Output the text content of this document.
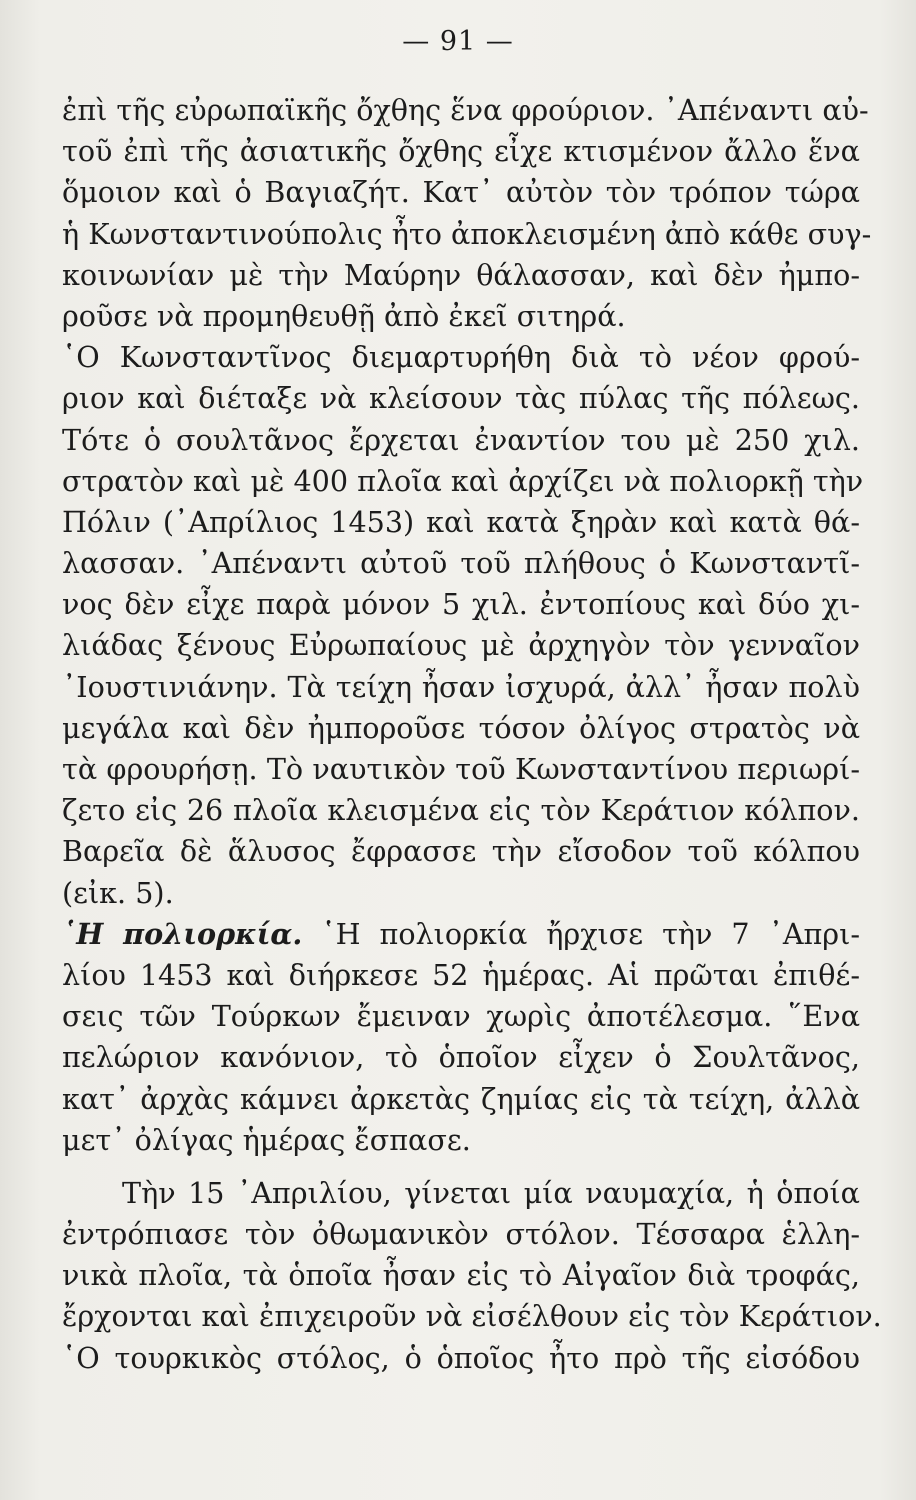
— 91 —
ἐπὶ τῆς εὐρωπαϊκῆς ὄχθης ἕνα φρούριον. ᾿Απέναντι αὐ-
τοῦ ἐπὶ τῆς ἀσιατικῆς ὄχθης εἶχε κτισμένον ἄλλο ἕνα
ὅμοιον καὶ ὁ Βαγιαζήτ. Κατ᾿ αὐτὸν τὸν τρόπον τώρα
ἡ Κωνσταντινούπολις ἦτο ἀποκλεισμένη ἀπὸ κάθε συγ-
κοινωνίαν μὲ τὴν Μαύρην θάλασσαν, καὶ δὲν ἠμπο-
ροῦσε νὰ προμηθευθῇ ἀπὸ ἐκεῖ σιτηρά.
῾Ο Κωνσταντῖνος διεμαρτυρήθη διὰ τὸ νέον φρού-
ριον καὶ διέταξε νὰ κλείσουν τὰς πύλας τῆς πόλεως.
Τότε ὁ σουλτᾶνος ἔρχεται ἐναντίον του μὲ 250 χιλ.
στρατὸν καὶ μὲ 400 πλοῖα καὶ ἀρχίζει νὰ πολιορκῇ τὴν
Πόλιν (᾿Απρίλιος 1453) καὶ κατὰ ξηρὰν καὶ κατὰ θά-
λασσαν. ᾿Απέναντι αὐτοῦ τοῦ πλήθους ὁ Κωνσταντῖ-
νος δὲν εἶχε παρὰ μόνον 5 χιλ. ἐντοπίους καὶ δύο χι-
λιάδας ξένους Εὐρωπαίους μὲ ἀρχηγὸν τὸν γενναῖον
᾿Ιουστινιάνην. Τὰ τείχη ἦσαν ἰσχυρά, ἀλλ᾿ ἦσαν πολὺ
μεγάλα καὶ δὲν ἠμποροῦσε τόσον ὀλίγος στρατὸς νὰ
τὰ φρουρήσῃ. Τὸ ναυτικὸν τοῦ Κωνσταντίνου περιωρί-
ζετο εἰς 26 πλοῖα κλεισμένα εἰς τὸν Κεράτιον κόλπον.
Βαρεῖα δὲ ἅλυσος ἔφρασσε τὴν εἴσοδον τοῦ κόλπου
(εἰκ. 5).
῾Η πολιορκία. ῾Η πολιορκία ἤρχισε τὴν 7 ᾿Απρι-
λίου 1453 καὶ διήρκεσε 52 ἡμέρας. Αἱ πρῶται ἐπιθέ-
σεις τῶν Τούρκων ἔμειναν χωρὶς ἀποτέλεσμα. ῞Ενα
πελώριον κανόνιον, τὸ ὁποῖον εἶχεν ὁ Σουλτᾶνος,
κατ᾿ ἀρχὰς κάμνει ἀρκετὰς ζημίας εἰς τὰ τείχη, ἀλλὰ
μετ᾿ ὀλίγας ἡμέρας ἔσπασε.
Τὴν 15 ᾿Απριλίου, γίνεται μία ναυμαχία, ἡ ὁποία
ἐντρόπιασε τὸν ὀθωμανικὸν στόλον. Τέσσαρα ἑλλη-
νικὰ πλοῖα, τὰ ὁποῖα ἦσαν εἰς τὸ Αἰγαῖον διὰ τροφάς,
ἔρχονται καὶ ἐπιχειροῦν νὰ εἰσέλθουν εἰς τὸν Κεράτιον.
῾Ο τουρκικὸς στόλος, ὁ ὁποῖος ἦτο πρὸ τῆς εἰσόδου
